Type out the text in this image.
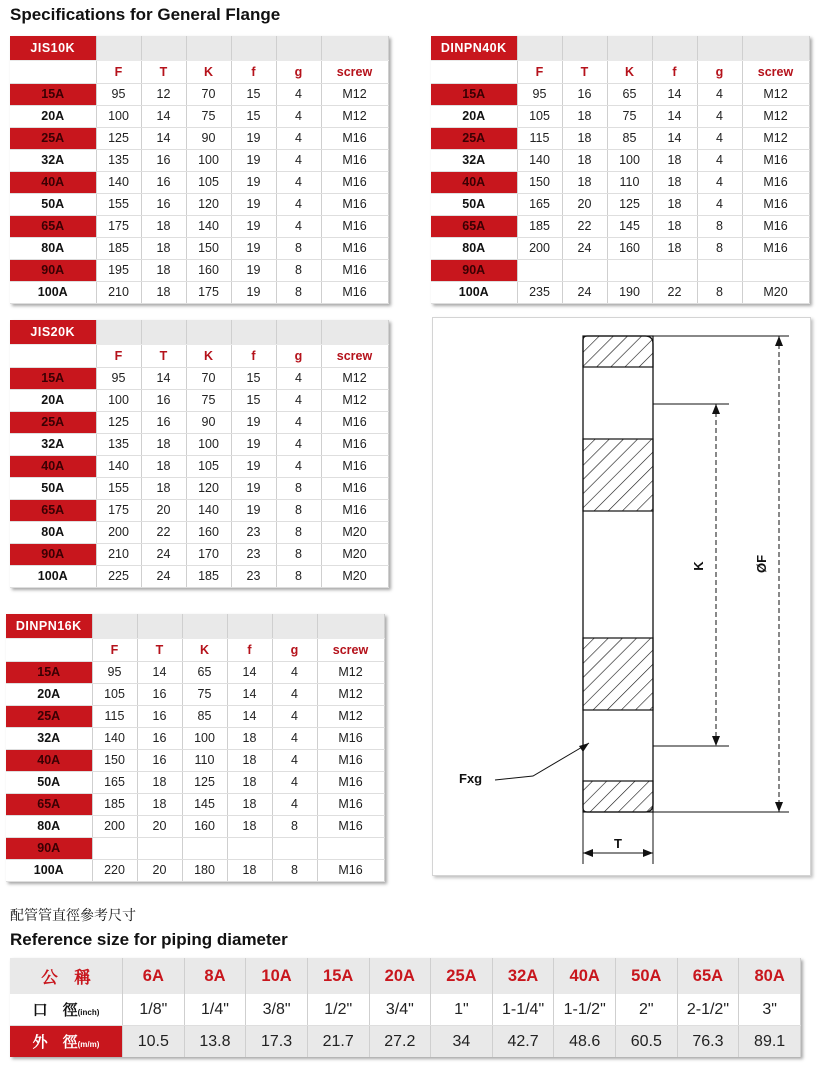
Specifications for General Flange
JIS10K						
	F	T	K	f	g	screw
15A	95	12	70	15	4	M12
20A	100	14	75	15	4	M12
25A	125	14	90	19	4	M16
32A	135	16	100	19	4	M16
40A	140	16	105	19	4	M16
50A	155	16	120	19	4	M16
65A	175	18	140	19	4	M16
80A	185	18	150	19	8	M16
90A	195	18	160	19	8	M16
100A	210	18	175	19	8	M16
DINPN40K						
	F	T	K	f	g	screw
15A	95	16	65	14	4	M12
20A	105	18	75	14	4	M12
25A	115	18	85	14	4	M12
32A	140	18	100	18	4	M16
40A	150	18	110	18	4	M16
50A	165	20	125	18	4	M16
65A	185	22	145	18	8	M16
80A	200	24	160	18	8	M16
90A						
100A	235	24	190	22	8	M20
JIS20K						
	F	T	K	f	g	screw
15A	95	14	70	15	4	M12
20A	100	16	75	15	4	M12
25A	125	16	90	19	4	M16
32A	135	18	100	19	4	M16
40A	140	18	105	19	4	M16
50A	155	18	120	19	8	M16
65A	175	20	140	19	8	M16
80A	200	22	160	23	8	M20
90A	210	24	170	23	8	M20
100A	225	24	185	23	8	M20
DINPN16K						
	F	T	K	f	g	screw
15A	95	14	65	14	4	M12
20A	105	16	75	14	4	M12
25A	115	16	85	14	4	M12
32A	140	16	100	18	4	M16
40A	150	16	110	18	4	M16
50A	165	18	125	18	4	M16
65A	185	18	145	18	4	M16
80A	200	20	160	18	8	M16
90A						
100A	220	20	180	18	8	M16
K	ØF
Fxg
T
配管管直徑參考尺寸
Reference size for piping diameter
公　稱	6A	8A	10A	15A	20A	25A	32A	40A	50A	65A	80A
口　徑(inch)	1/8"	1/4"	3/8"	1/2"	3/4"	1"	1-1/4"	1-1/2"	2"	2-1/2"	3"
外　徑(m/m)	10.5	13.8	17.3	21.7	27.2	34	42.7	48.6	60.5	76.3	89.1
